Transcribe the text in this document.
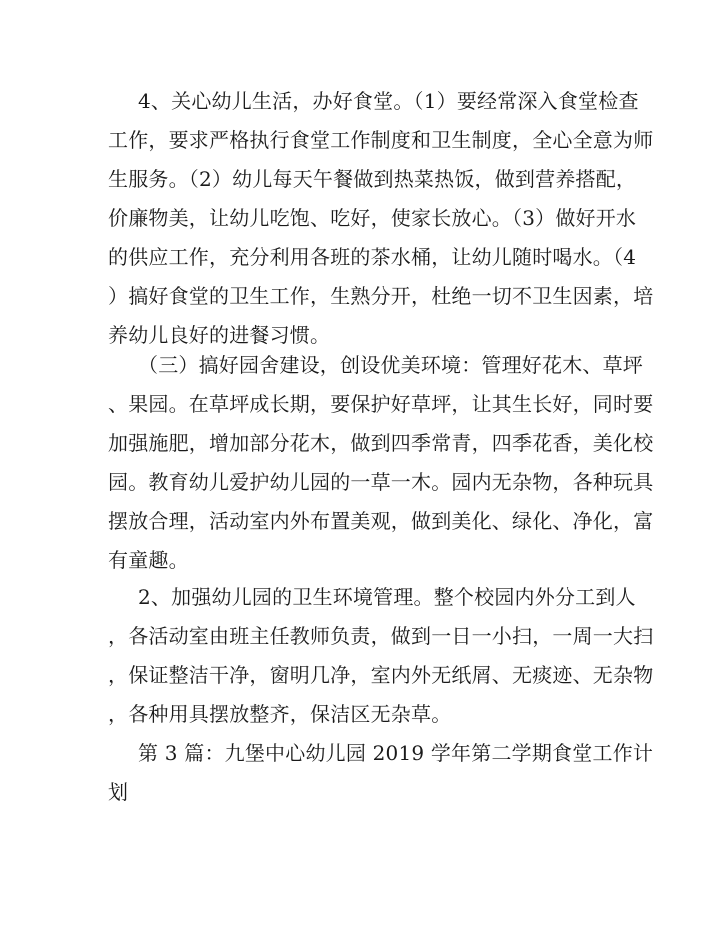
4、关心幼儿生活，办好食堂。（1）要经常深入食堂检查
工作，要求严格执行食堂工作制度和卫生制度，全心全意为师
生服务。（2）幼儿每天午餐做到热菜热饭，做到营养搭配，
价廉物美，让幼儿吃饱、吃好，使家长放心。（3）做好开水
的供应工作，充分利用各班的茶水桶，让幼儿随时喝水。（4
）搞好食堂的卫生工作，生熟分开，杜绝一切不卫生因素，培
养幼儿良好的进餐习惯。
（三）搞好园舍建设，创设优美环境：管理好花木、草坪
、果园。在草坪成长期，要保护好草坪，让其生长好，同时要
加强施肥，增加部分花木，做到四季常青，四季花香，美化校
园。教育幼儿爱护幼儿园的一草一木。园内无杂物，各种玩具
摆放合理，活动室内外布置美观，做到美化、绿化、净化，富
有童趣。
2、加强幼儿园的卫生环境管理。整个校园内外分工到人
，各活动室由班主任教师负责，做到一日一小扫，一周一大扫
，保证整洁干净，窗明几净，室内外无纸屑、无痰迹、无杂物
，各种用具摆放整齐，保洁区无杂草。
第 3 篇：九堡中心幼儿园 2019 学年第二学期食堂工作计
划
